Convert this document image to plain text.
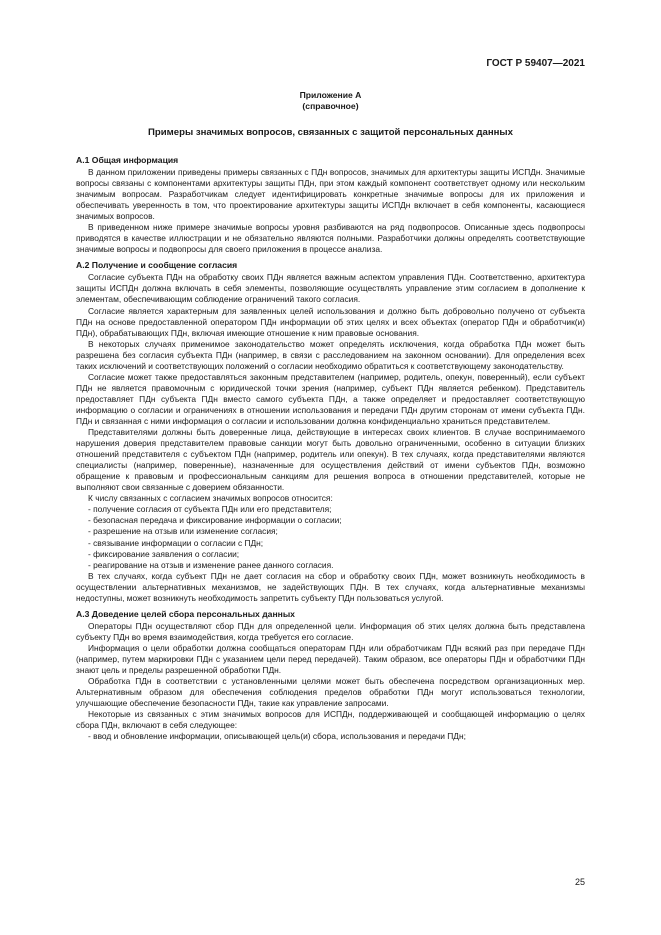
ГОСТ Р 59407—2021
Приложение А
(справочное)
Примеры значимых вопросов, связанных с защитой персональных данных
А.1 Общая информация

В данном приложении приведены примеры связанных с ПДн вопросов, значимых для архитектуры защиты ИСПДн. Значимые вопросы связаны с компонентами архитектуры защиты ПДн, при этом каждый компонент соответствует одному или нескольким значимым вопросам. Разработчикам следует идентифицировать конкретные значимые вопросы для их приложения и обеспечивать уверенность в том, что проектирование архитектуры защиты ИСПДн включает в себя компоненты, касающиеся значимых вопросов.

В приведенном ниже примере значимые вопросы уровня разбиваются на ряд подвопросов. Описанные здесь подвопросы приводятся в качестве иллюстрации и не обязательно являются полными. Разработчики должны определять соответствующие значимые вопросы и подвопросы для своего приложения в процессе анализа.

А.2 Получение и сообщение согласия

Согласие субъекта ПДн на обработку своих ПДн является важным аспектом управления ПДн. Соответственно, архитектура защиты ИСПДн должна включать в себя элементы, позволяющие осуществлять управление этим согласием в дополнение к элементам, обеспечивающим соблюдение ограничений такого согласия.

Согласие является характерным для заявленных целей использования и должно быть добровольно получено от субъекта ПДн на основе предоставленной оператором ПДн информации об этих целях и всех объектах (оператор ПДн и обработчик(и) ПДн), обрабатывающих ПДн, включая имеющие отношение к ним правовые основания.

В некоторых случаях применимое законодательство может определять исключения, когда обработка ПДн может быть разрешена без согласия субъекта ПДн (например, в связи с расследованием на законном основании). Для определения всех таких исключений и соответствующих положений о согласии необходимо обратиться к соответствующему законодательству.

Согласие может также предоставляться законным представителем (например, родитель, опекун, поверенный), если субъект ПДн не является правомочным с юридической точки зрения (например, субъект ПДн является ребенком). Представитель предоставляет ПДн субъекта ПДн вместо самого субъекта ПДн, а также определяет и предоставляет соответствующую информацию о согласии и ограничениях в отношении использования и передачи ПДн другим сторонам от имени субъекта ПДн. ПДн и связанная с ними информация о согласии и использовании должна конфиденциально храниться представителем.

Представителями должны быть доверенные лица, действующие в интересах своих клиентов. В случае воспринимаемого нарушения доверия представителем правовые санкции могут быть довольно ограниченными, особенно в ситуации близких отношений представителя с субъектом ПДн (например, родитель или опекун). В тех случаях, когда представителями являются специалисты (например, поверенные), назначенные для осуществления действий от имени субъектов ПДн, возможно обращение к правовым и профессиональным санкциям для решения вопроса в отношении представителей, которые не выполняют свои связанные с доверием обязанности.

К числу связанных с согласием значимых вопросов относится:

- получение согласия от субъекта ПДн или его представителя;
- безопасная передача и фиксирование информации о согласии;
- разрешение на отзыв или изменение согласия;
- связывание информации о согласии с ПДн;
- фиксирование заявления о согласии;
- реагирование на отзыв и изменение ранее данного согласия.

В тех случаях, когда субъект ПДн не дает согласия на сбор и обработку своих ПДн, может возникнуть необходимость в осуществлении альтернативных механизмов, не задействующих ПДн. В тех случаях, когда альтернативные механизмы недоступны, может возникнуть необходимость запретить субъекту ПДн пользоваться услугой.

А.3 Доведение целей сбора персональных данных

Операторы ПДн осуществляют сбор ПДн для определенной цели. Информация об этих целях должна быть представлена субъекту ПДн во время взаимодействия, когда требуется его согласие.

Информация о цели обработки должна сообщаться операторам ПДн или обработчикам ПДн всякий раз при передаче ПДн (например, путем маркировки ПДн с указанием цели перед передачей). Таким образом, все операторы ПДн и обработчики ПДн знают цель и пределы разрешенной обработки ПДн.

Обработка ПДн в соответствии с установленными целями может быть обеспечена посредством организационных мер. Альтернативным образом для обеспечения соблюдения пределов обработки ПДн могут использоваться технологии, улучшающие обеспечение безопасности ПДн, такие как управление запросами.

Некоторые из связанных с этим значимых вопросов для ИСПДн, поддерживающей и сообщающей информацию о целях сбора ПДн, включают в себя следующее:

- ввод и обновление информации, описывающей цель(и) сбора, использования и передачи ПДн;
25
